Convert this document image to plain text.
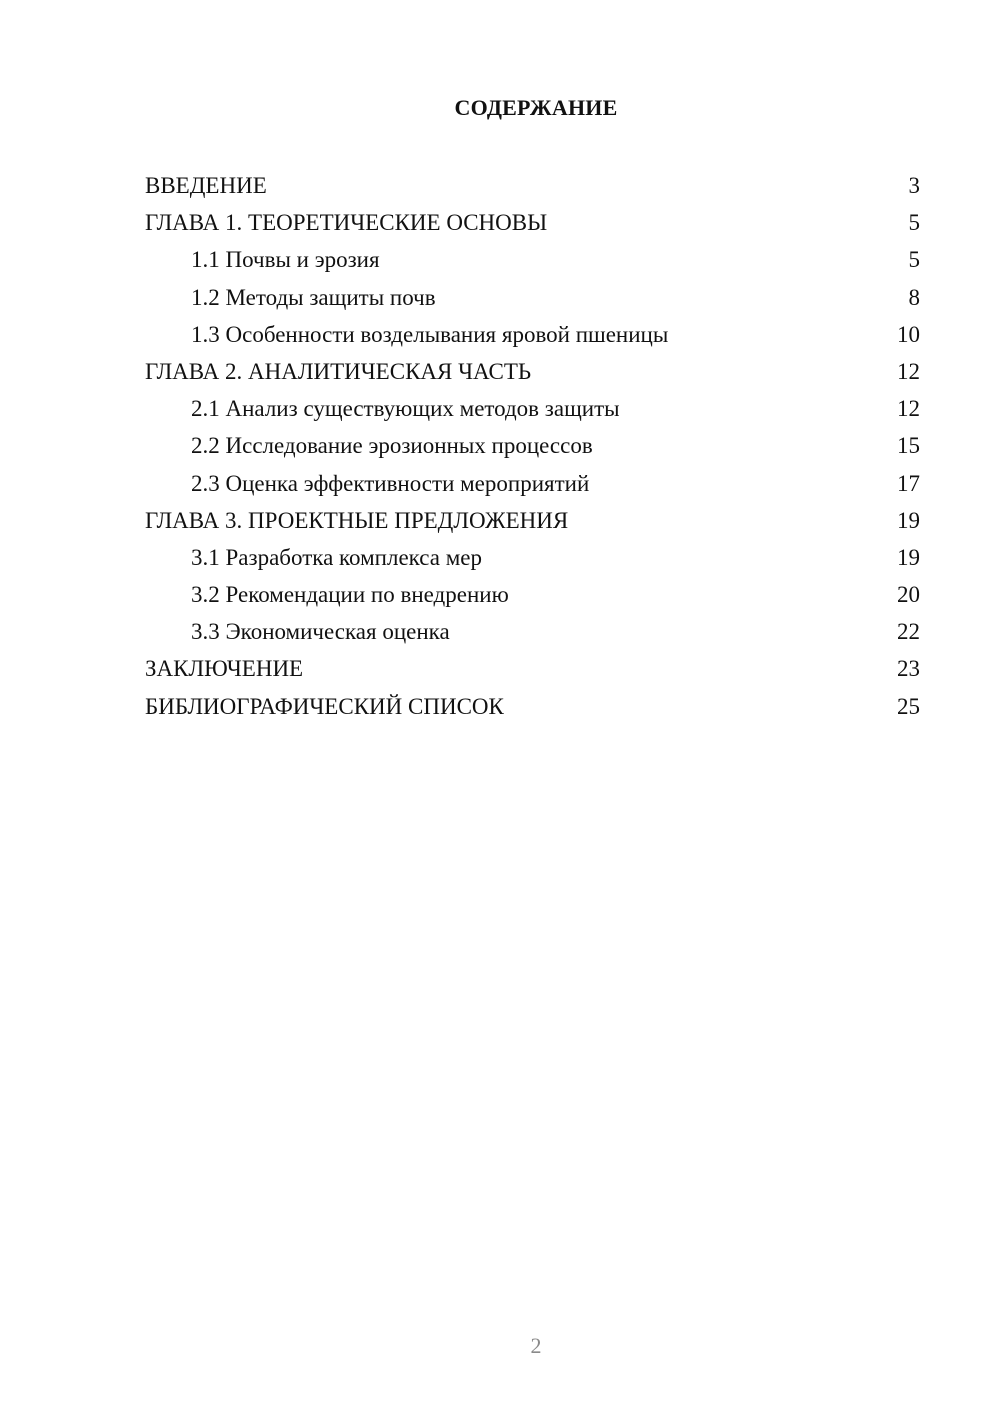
СОДЕРЖАНИЕ
ВВЕДЕНИЕ	3
ГЛАВА 1. ТЕОРЕТИЧЕСКИЕ ОСНОВЫ	5
1.1 Почвы и эрозия	5
1.2 Методы защиты почв	8
1.3 Особенности возделывания яровой пшеницы	10
ГЛАВА 2. АНАЛИТИЧЕСКАЯ ЧАСТЬ	12
2.1 Анализ существующих методов защиты	12
2.2 Исследование эрозионных процессов	15
2.3 Оценка эффективности мероприятий	17
ГЛАВА 3. ПРОЕКТНЫЕ ПРЕДЛОЖЕНИЯ	19
3.1 Разработка комплекса мер	19
3.2 Рекомендации по внедрению	20
3.3 Экономическая оценка	22
ЗАКЛЮЧЕНИЕ	23
БИБЛИОГРАФИЧЕСКИЙ СПИСОК	25
2
